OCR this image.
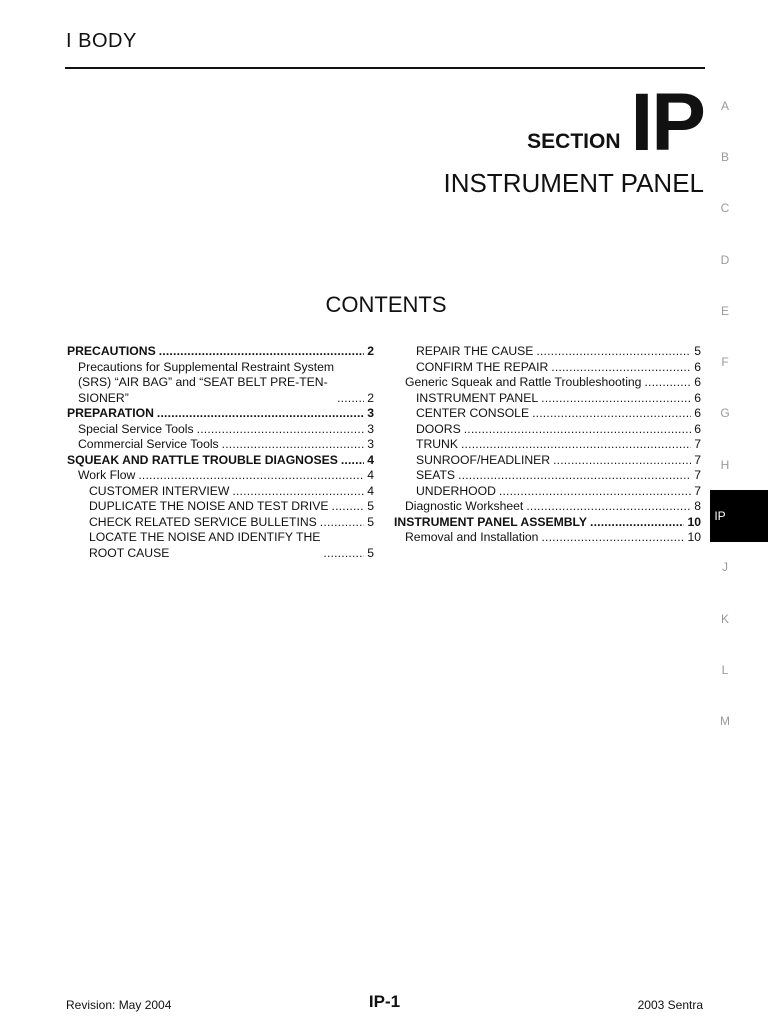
I BODY
SECTION IP
INSTRUMENT PANEL
CONTENTS
PRECAUTIONS . . .	2
Precautions for Supplemental Restraint System
(SRS) “AIR BAG” and “SEAT BELT PRE-TEN-
SIONER” . . .	2
PREPARATION . . .	3
Special Service Tools . . .	3
Commercial Service Tools . . .	3
SQUEAK AND RATTLE TROUBLE DIAGNOSES . . . 4
Work Flow . . .	4
CUSTOMER INTERVIEW . . .	4
DUPLICATE THE NOISE AND TEST DRIVE . . .	5
CHECK RELATED SERVICE BULLETINS . . .	5
LOCATE THE NOISE AND IDENTIFY THE
ROOT CAUSE . . .	5
REPAIR THE CAUSE . . .	5
CONFIRM THE REPAIR . . .	6
Generic Squeak and Rattle Troubleshooting . . .	6
INSTRUMENT PANEL . . .	6
CENTER CONSOLE . . .	6
DOORS . . .	6
TRUNK . . .	7
SUNROOF/HEADLINER . . .	7
SEATS . . .	7
UNDERHOOD . . .	7
Diagnostic Worksheet . . .	8
INSTRUMENT PANEL ASSEMBLY . . .	10
Removal and Installation . . .	10
A
B
C
D
E
F
G
H
IP
J
K
L
M
Revision: May 2004	IP-1	2003 Sentra
